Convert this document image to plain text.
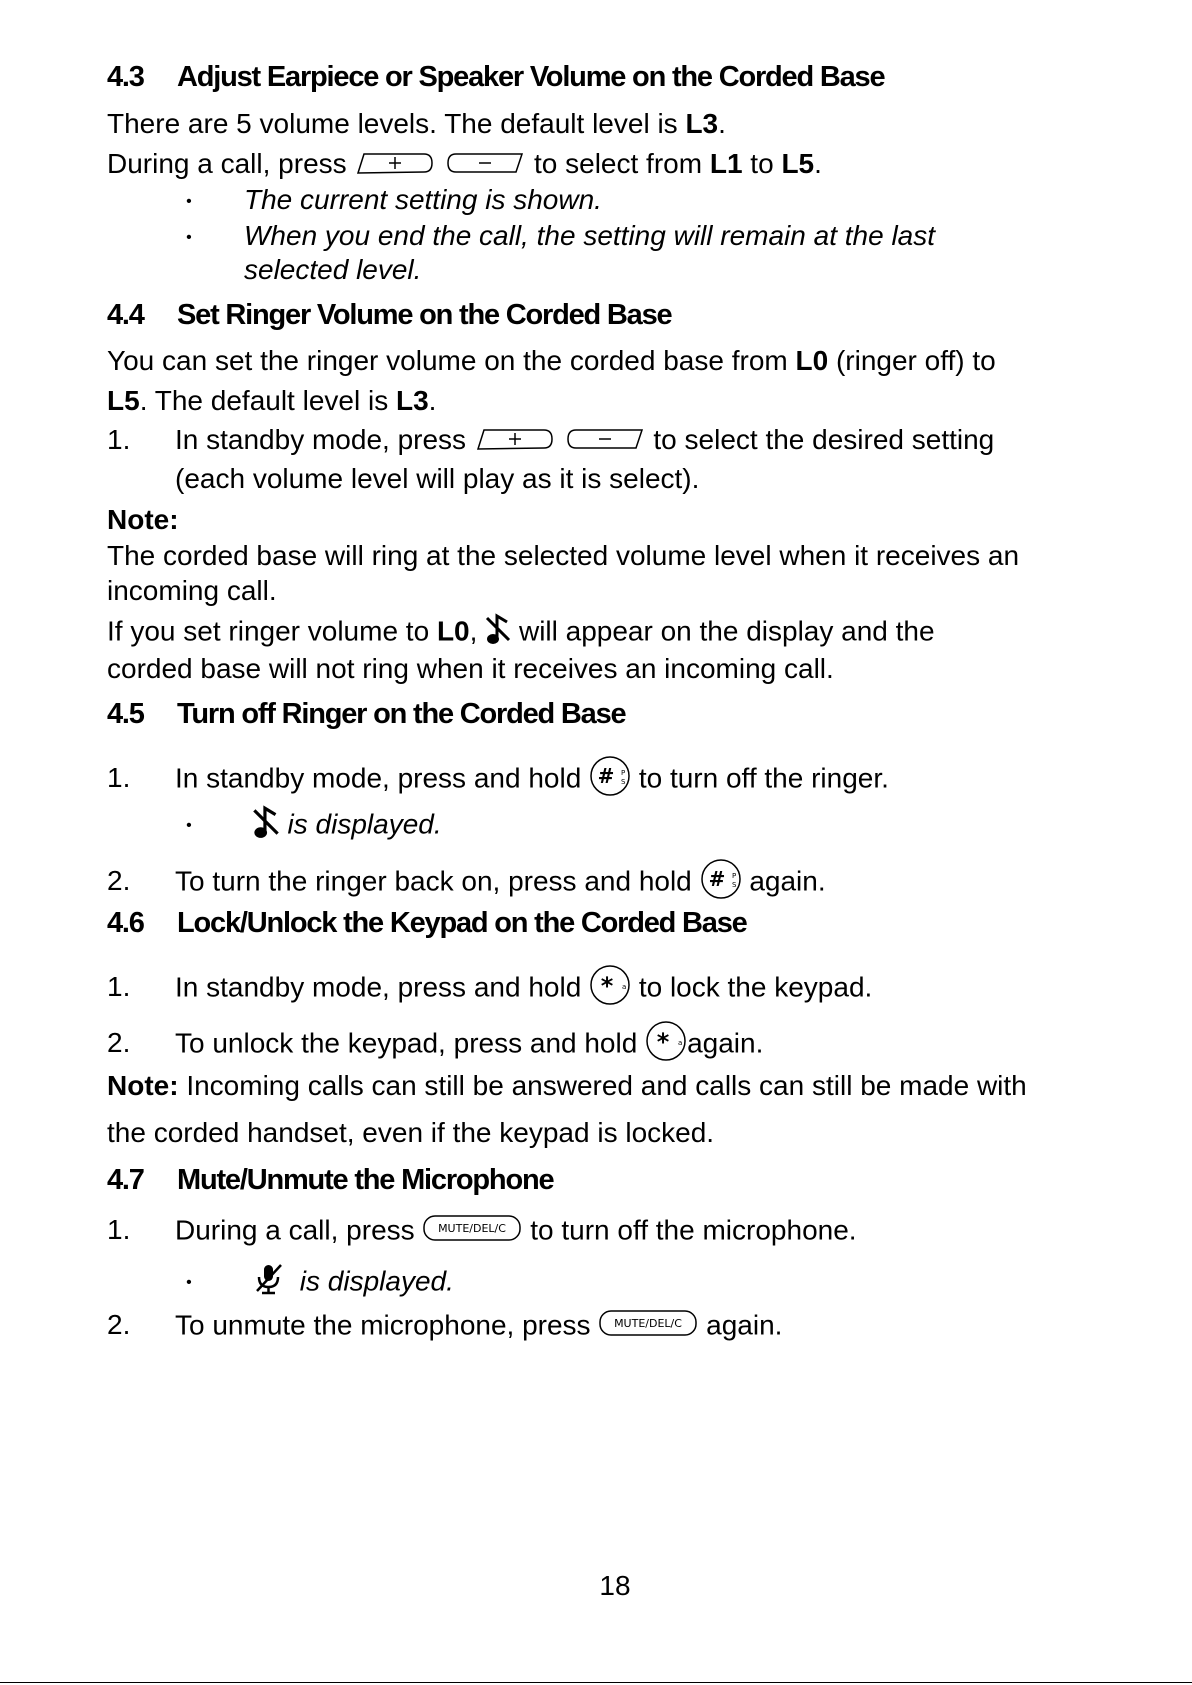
4.3 Adjust Earpiece or Speaker Volume on the Corded Base
There are 5 volume levels. The default level is L3.
During a call, press	to select from L1 to L5.
• The current setting is shown.
• When you end the call, the setting will remain at the last
selected level.
4.4 Set Ringer Volume on the Corded Base
You can set the ringer volume on the corded base from L0 (ringer off) to
L5. The default level is L3.
1. In standby mode, press	to select the desired setting
(each volume level will play as it is select).
Note:
The corded base will ring at the selected volume level when it receives an
incoming call.
If you set ringer volume to L0,  will appear on the display and the
corded base will not ring when it receives an incoming call.
4.5 Turn off Ringer on the Corded Base
1. In standby mode, press and hold # P
S to turn off the ringer.
•	is displayed.
2. To turn the ringer back on, press and hold # P
S again.
4.6 Lock/Unlock the Keypad on the Corded Base
1. In standby mode, press and hold * a to lock the keypad.
2. To unlock the keypad, press and hold * a again.
Note: Incoming calls can still be answered and calls can still be made with
the corded handset, even if the keypad is locked.
4.7 Mute/Unmute the Microphone
1. During a call, press MUTE/DEL/C to turn off the microphone.
•	is displayed.
2. To unmute the microphone, press MUTE/DEL/C again.
18
